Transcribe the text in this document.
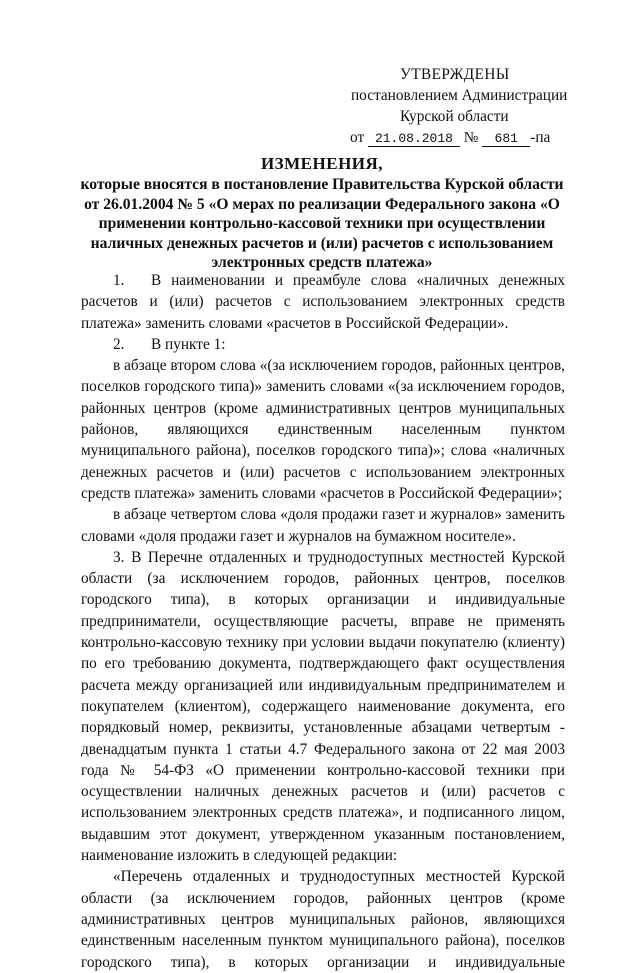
УТВЕРЖДЕНЫ
постановлением Администрации
Курской области
от 21.08.2018 № 681 -па
ИЗМЕНЕНИЯ,
которые вносятся в постановление Правительства Курской области от 26.01.2004 № 5 «О мерах по реализации Федерального закона «О применении контрольно-кассовой техники при осуществлении наличных денежных расчетов и (или) расчетов с использованием электронных средств платежа»

1. В наименовании и преамбуле слова «наличных денежных расчетов и (или) расчетов с использованием электронных средств платежа» заменить словами «расчетов в Российской Федерации».

2. В пункте 1:

в абзаце втором слова «(за исключением городов, районных центров, поселков городского типа)» заменить словами «(за исключением городов, районных центров (кроме административных центров муниципальных районов, являющихся единственным населенным пунктом муниципального района), поселков городского типа)»; слова «наличных денежных расчетов и (или) расчетов с использованием электронных средств платежа» заменить словами «расчетов в Российской Федерации»;

в абзаце четвертом слова «доля продажи газет и журналов» заменить словами «доля продажи газет и журналов на бумажном носителе».

3. В Перечне отдаленных и труднодоступных местностей Курской области (за исключением городов, районных центров, поселков городского типа), в которых организации и индивидуальные предприниматели, осуществляющие расчеты, вправе не применять контрольно-кассовую технику при условии выдачи покупателю (клиенту) по его требованию документа, подтверждающего факт осуществления расчета между организацией или индивидуальным предпринимателем и покупателем (клиентом), содержащего наименование документа, его порядковый номер, реквизиты, установленные абзацами четвертым - двенадцатым пункта 1 статьи 4.7 Федерального закона от 22 мая 2003 года № 54-ФЗ «О применении контрольно-кассовой техники при осуществлении наличных денежных расчетов и (или) расчетов с использованием электронных средств платежа», и подписанного лицом, выдавшим этот документ, утвержденном указанным постановлением, наименование изложить в следующей редакции:

«Перечень отдаленных и труднодоступных местностей Курской области (за исключением городов, районных центров (кроме административных центров муниципальных районов, являющихся единственным населенным пунктом муниципального района), поселков городского типа), в которых организации и индивидуальные
